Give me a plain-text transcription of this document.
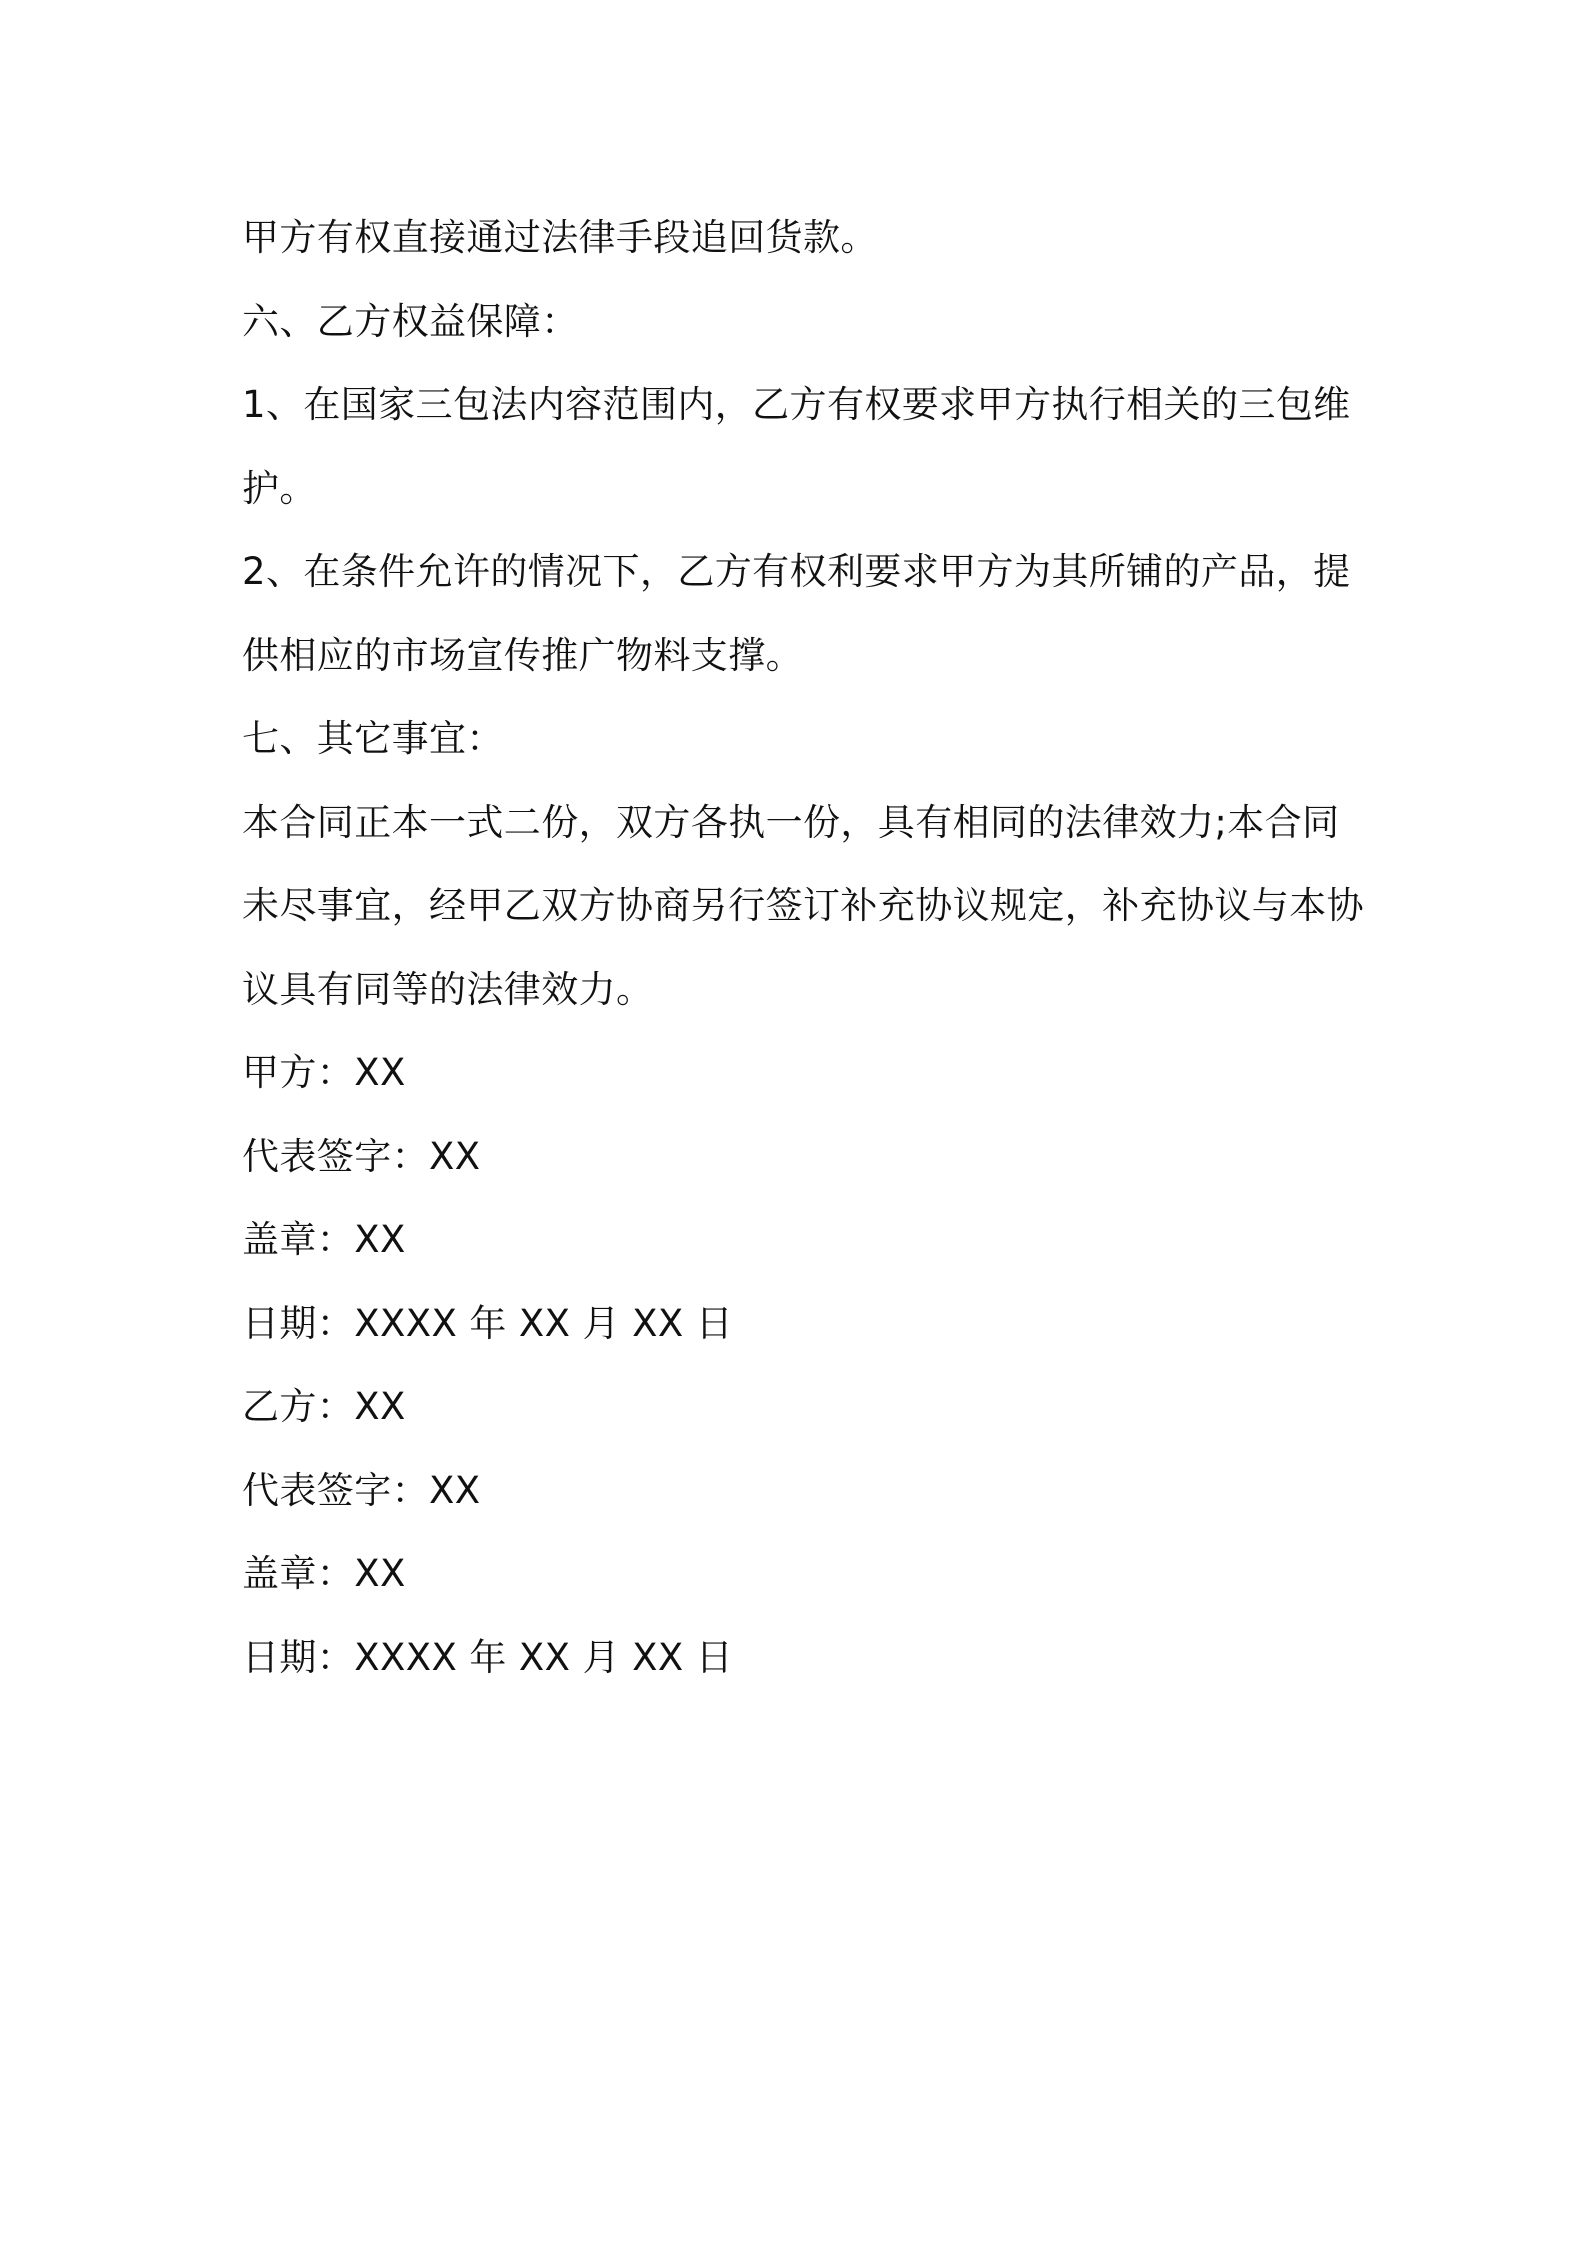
甲方有权直接通过法律手段追回货款。
六、乙方权益保障：
1、在国家三包法内容范围内，乙方有权要求甲方执行相关的三包维
护。
2、在条件允许的情况下，乙方有权利要求甲方为其所铺的产品，提
供相应的市场宣传推广物料支撑。
七、其它事宜：
本合同正本一式二份，双方各执一份，具有相同的法律效力;本合同
未尽事宜，经甲乙双方协商另行签订补充协议规定，补充协议与本协
议具有同等的法律效力。
甲方：XX
代表签字：XX
盖章：XX
日期：XXXX 年 XX 月 XX 日
乙方：XX
代表签字：XX
盖章：XX
日期：XXXX 年 XX 月 XX 日
